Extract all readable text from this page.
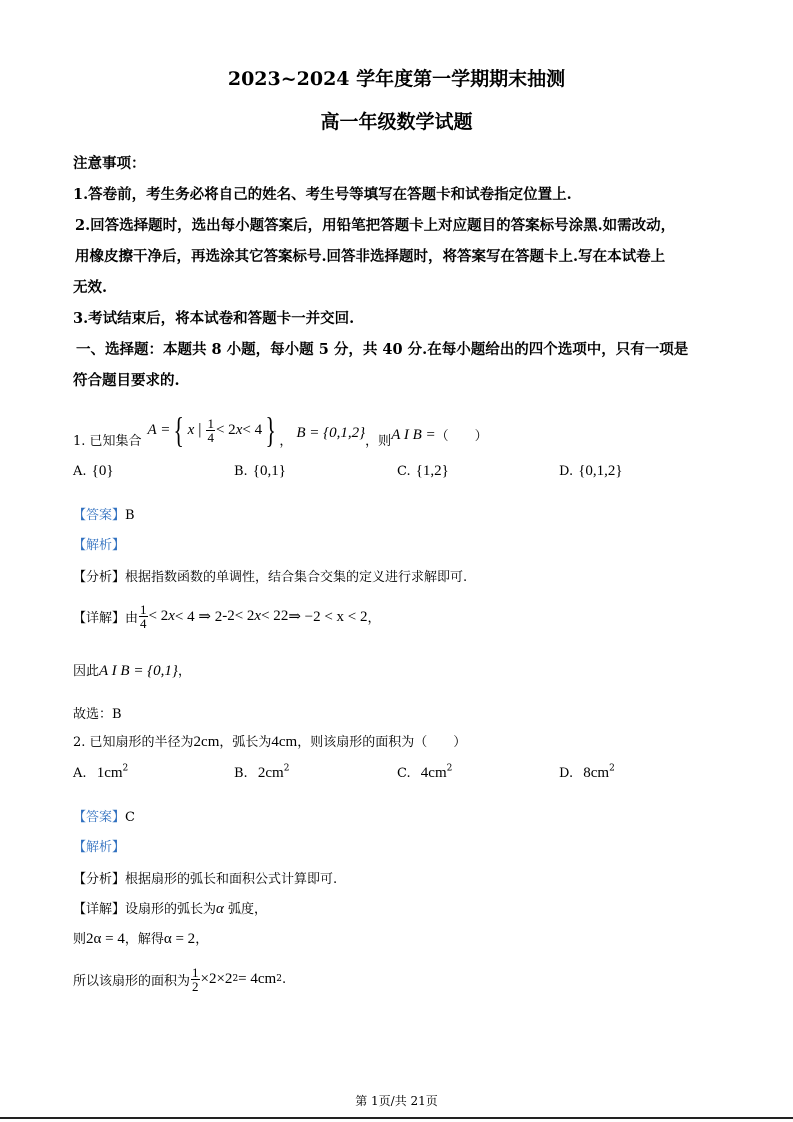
2023~2024 学年度第一学期期末抽测
高一年级数学试题
注意事项：
1.答卷前，考生务必将自己的姓名、考生号等填写在答题卡和试卷指定位置上.
2.回答选择题时，选出每小题答案后，用铅笔把答题卡上对应题目的答案标号涂黑.如需改动，
用橡皮擦干净后，再选涂其它答案标号.回答非选择题时，将答案写在答题卡上.写在本试卷上
无效.
3.考试结束后，将本试卷和答题卡一并交回.
一、选择题：本题共 8 小题，每小题 5 分，共 40 分.在每小题给出的四个选项中，只有一项是
符合题目要求的.
1. 已知集合
A = { x | $\frac{1}{4} < 2$ x < 4 } ，
B = {0,1,2}
，则 A I B = （　　）
A. {0}	B. {0,1}	C. {1,2}	D. {0,1,2}
【答案】B
【解析】
【分析】根据指数函数的单调性，结合集合交集的定义进行求解即可.
【详解】 由 $\frac{1}{4} < 2$ x < 4 ⇒ 2 -2 < 2 x < 2 2 ⇒ −2 < x < 2 ，
因此A I B = {0,1}，
故选：B
2. 已知扇形的半径为2cm，弧长为4cm，则该扇形的面积为（　　）
A. $1cm^2$	B. $2cm^2$	C. $4cm^2$	D. $8cm^2$
【答案】C
【解析】
【分析】根据扇形的弧长和面积公式计算即可.
【详解】设扇形的弧长为α 弧度，
则2α = 4，解得α = 2，
所以该扇形的面积为 $\frac{1}{2} \times 2\times 2$ 2 = 4cm 2 .
第 1页/共 21页
